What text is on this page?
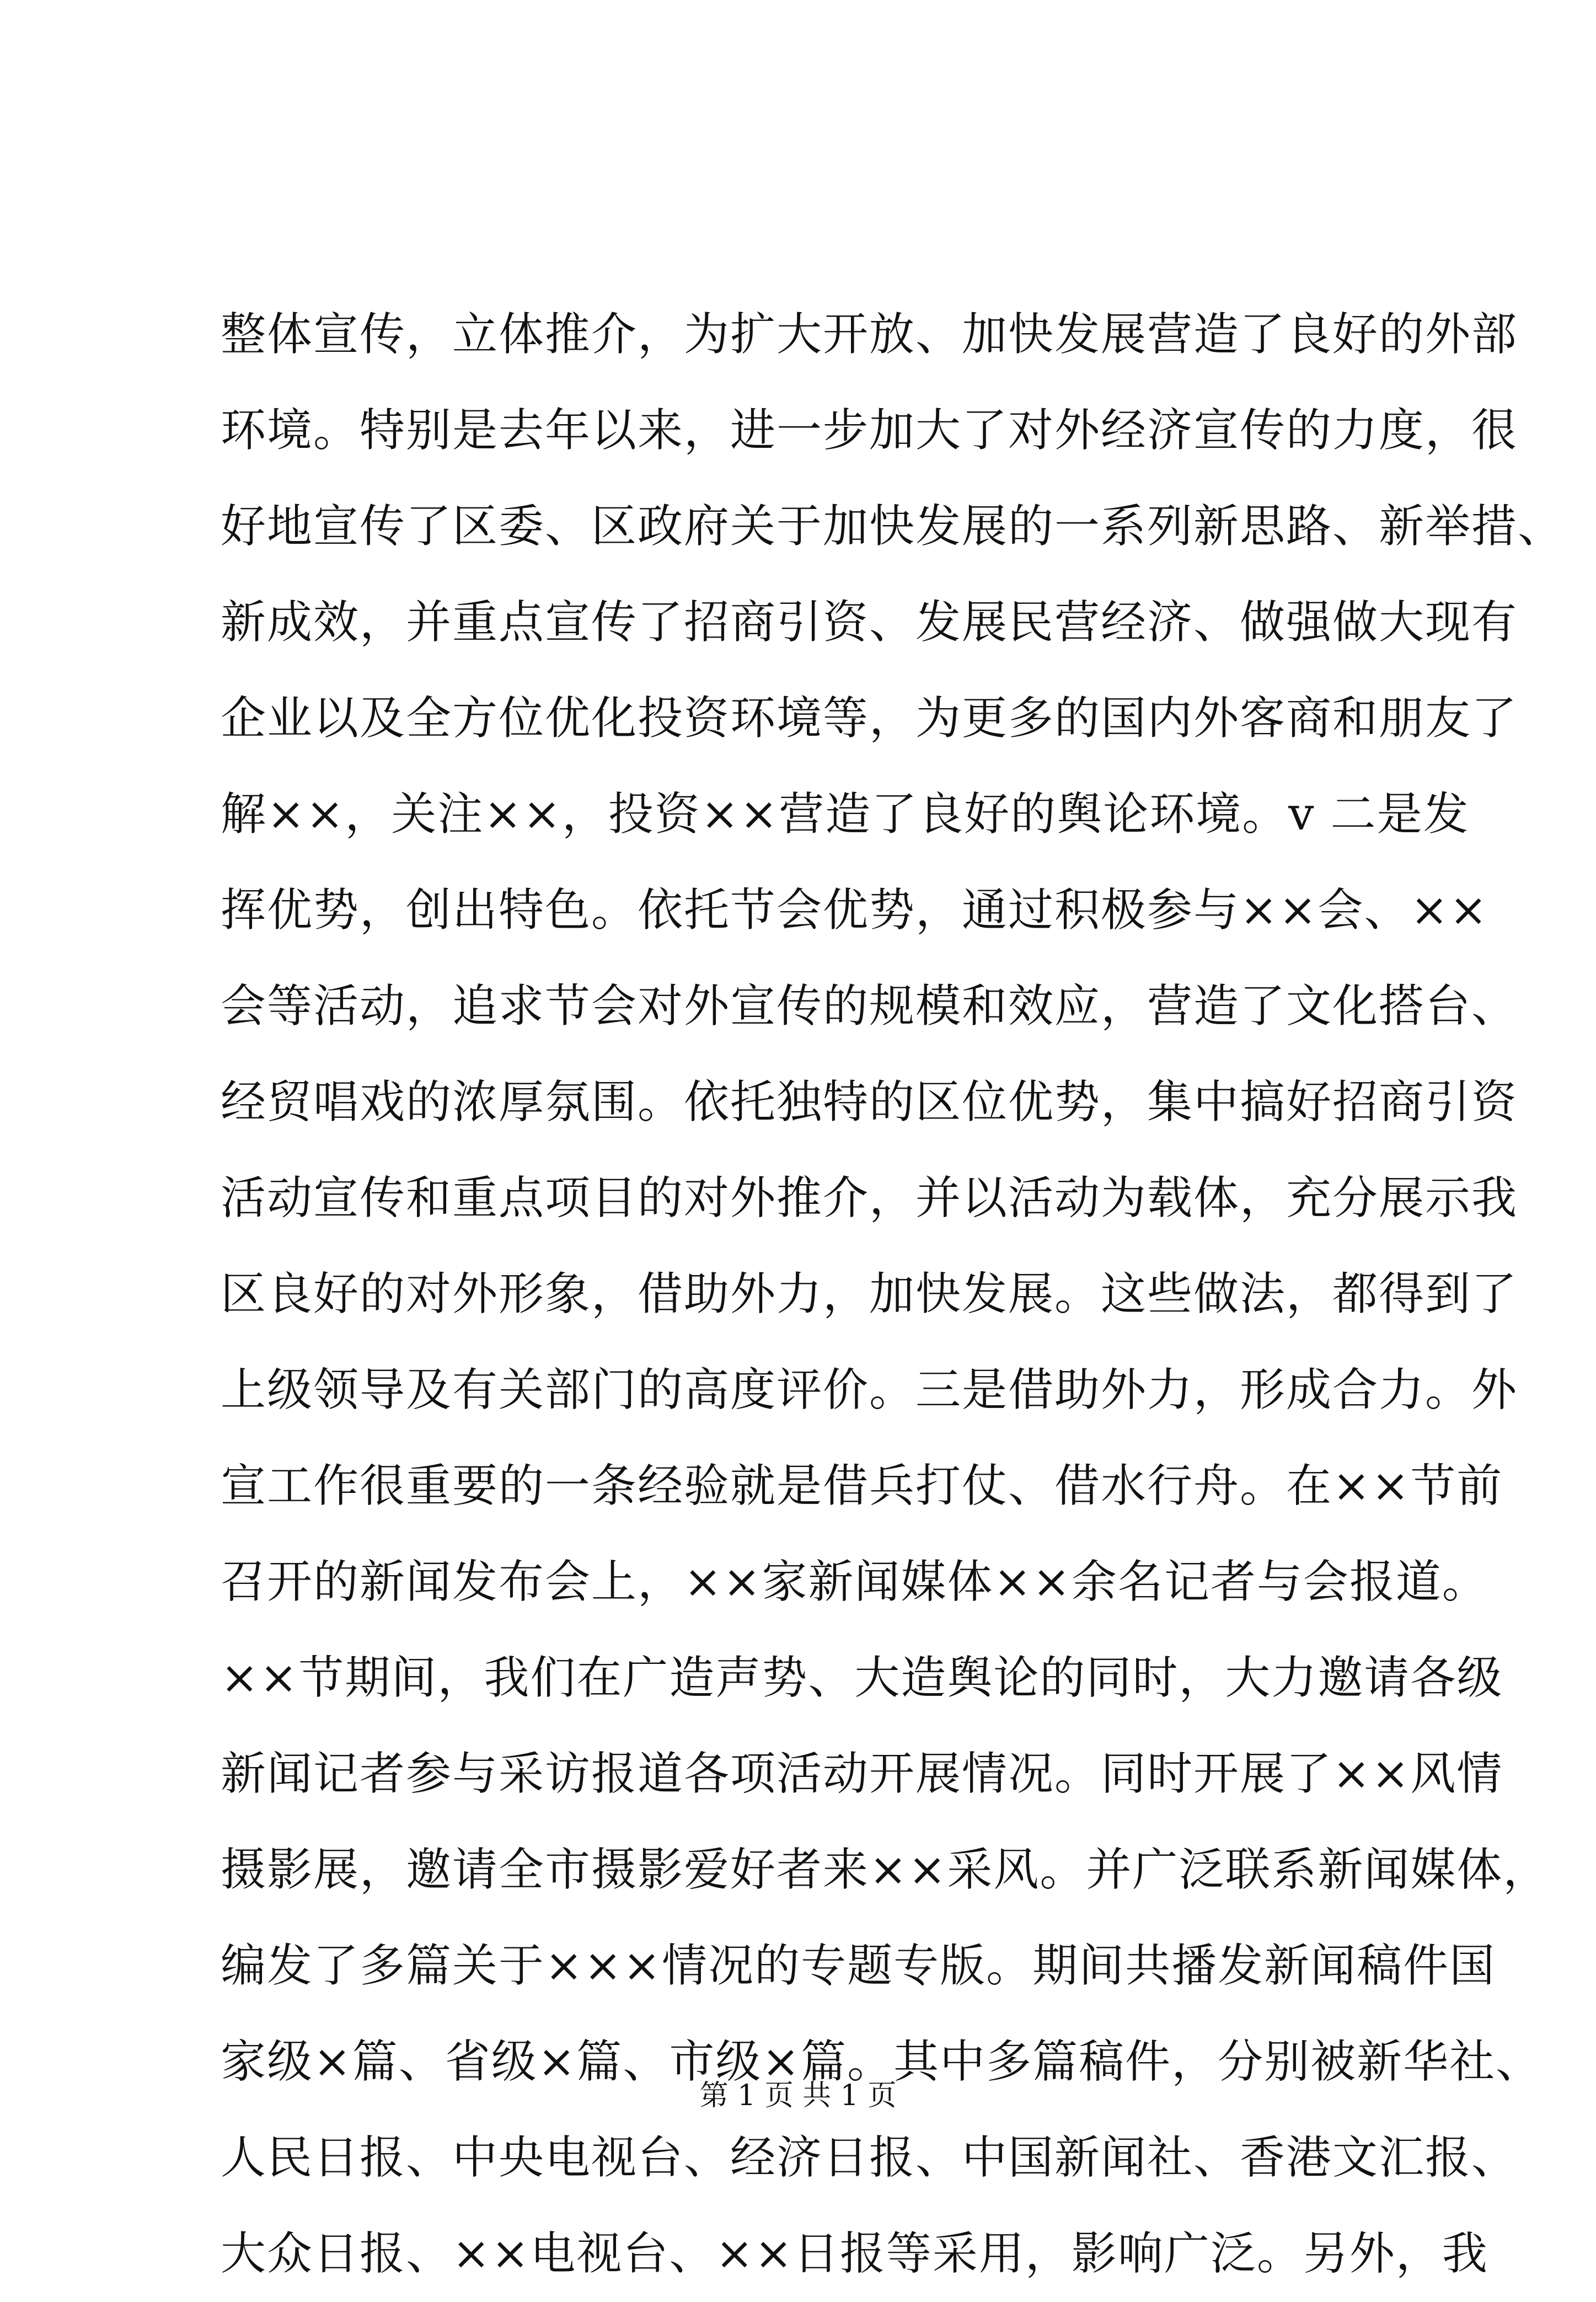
整体宣传，立体推介，为扩大开放、加快发展营造了良好的外部
环境。特别是去年以来，进一步加大了对外经济宣传的力度，很
好地宣传了区委、区政府关于加快发展的一系列新思路、新举措、
新成效，并重点宣传了招商引资、发展民营经济、做强做大现有
企业以及全方位优化投资环境等，为更多的国内外客商和朋友了
解××，关注××，投资××营造了良好的舆论环境。v 二是发
挥优势，创出特色。依托节会优势，通过积极参与××会、××
会等活动，追求节会对外宣传的规模和效应，营造了文化搭台、
经贸唱戏的浓厚氛围。依托独特的区位优势，集中搞好招商引资
活动宣传和重点项目的对外推介，并以活动为载体，充分展示我
区良好的对外形象，借助外力，加快发展。这些做法，都得到了
上级领导及有关部门的高度评价。三是借助外力，形成合力。外
宣工作很重要的一条经验就是借兵打仗、借水行舟。在××节前
召开的新闻发布会上，××家新闻媒体××余名记者与会报道。
××节期间，我们在广造声势、大造舆论的同时，大力邀请各级
新闻记者参与采访报道各项活动开展情况。同时开展了××风情
摄影展，邀请全市摄影爱好者来××采风。并广泛联系新闻媒体，
编发了多篇关于×××情况的专题专版。期间共播发新闻稿件国
家级×篇、省级×篇、市级×篇。其中多篇稿件，分别被新华社、
人民日报、中央电视台、经济日报、中国新闻社、香港文汇报、
大众日报、××电视台、××日报等采用，影响广泛。另外，我
第 1 页 共 1 页
